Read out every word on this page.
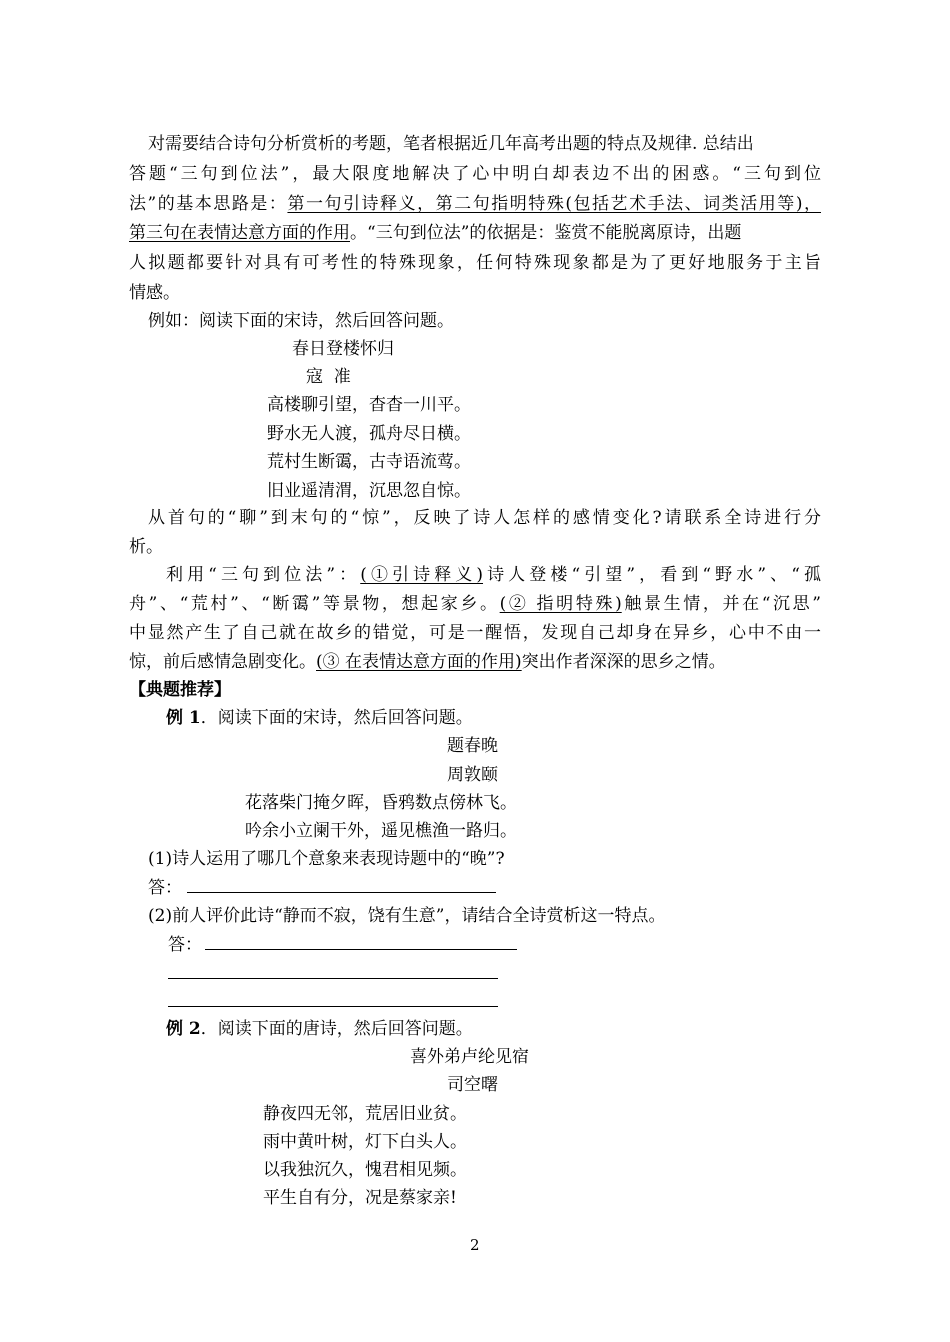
对需要结合诗句分析赏析的考题，笔者根据近几年高考出题的特点及规律. 总结出
答题“三句到位法”，最大限度地解决了心中明白却表边不出的困惑。“三句到位
法”的基本思路是：第一句引诗释义，第二句指明特殊(包括艺术手法、词类活用等)，
第三句在表情达意方面的作用。“三句到位法”的依据是：鉴赏不能脱离原诗，出题
人拟题都要针对具有可考性的特殊现象，任何特殊现象都是为了更好地服务于主旨
情感。
例如：阅读下面的宋诗，然后回答问题。
春日登楼怀归
寇  准
高楼聊引望，杳杳一川平。
野水无人渡，孤舟尽日横。
荒村生断霭，古寺语流莺。
旧业遥清渭，沉思忽自惊。
从首句的“聊”到末句的“惊”，反映了诗人怎样的感情变化?请联系全诗进行分
析。
利用“三句到位法”：(①引诗释义)诗人登楼“引望”，看到“野水”、“孤
舟”、“荒村”、“断霭”等景物，想起家乡。(② 指明特殊)触景生情，并在“沉思”
中显然产生了自己就在故乡的错觉，可是一醒悟，发现自己却身在异乡，心中不由一
惊，前后感情急剧变化。(③ 在表情达意方面的作用)突出作者深深的思乡之情。
【典题推荐】
例 1．阅读下面的宋诗，然后回答问题。
题春晚
周敦颐
花落柴门掩夕晖，昏鸦数点傍林飞。
吟余小立阑干外，遥见樵渔一路归。
(1)诗人运用了哪几个意象来表现诗题中的“晚”?
答：
(2)前人评价此诗“静而不寂，饶有生意”，请结合全诗赏析这一特点。
答：
例 2．阅读下面的唐诗，然后回答问题。
喜外弟卢纶见宿
司空曙
静夜四无邻，荒居旧业贫。
雨中黄叶树，灯下白头人。
以我独沉久，愧君相见频。
平生自有分，况是蔡家亲!
2
